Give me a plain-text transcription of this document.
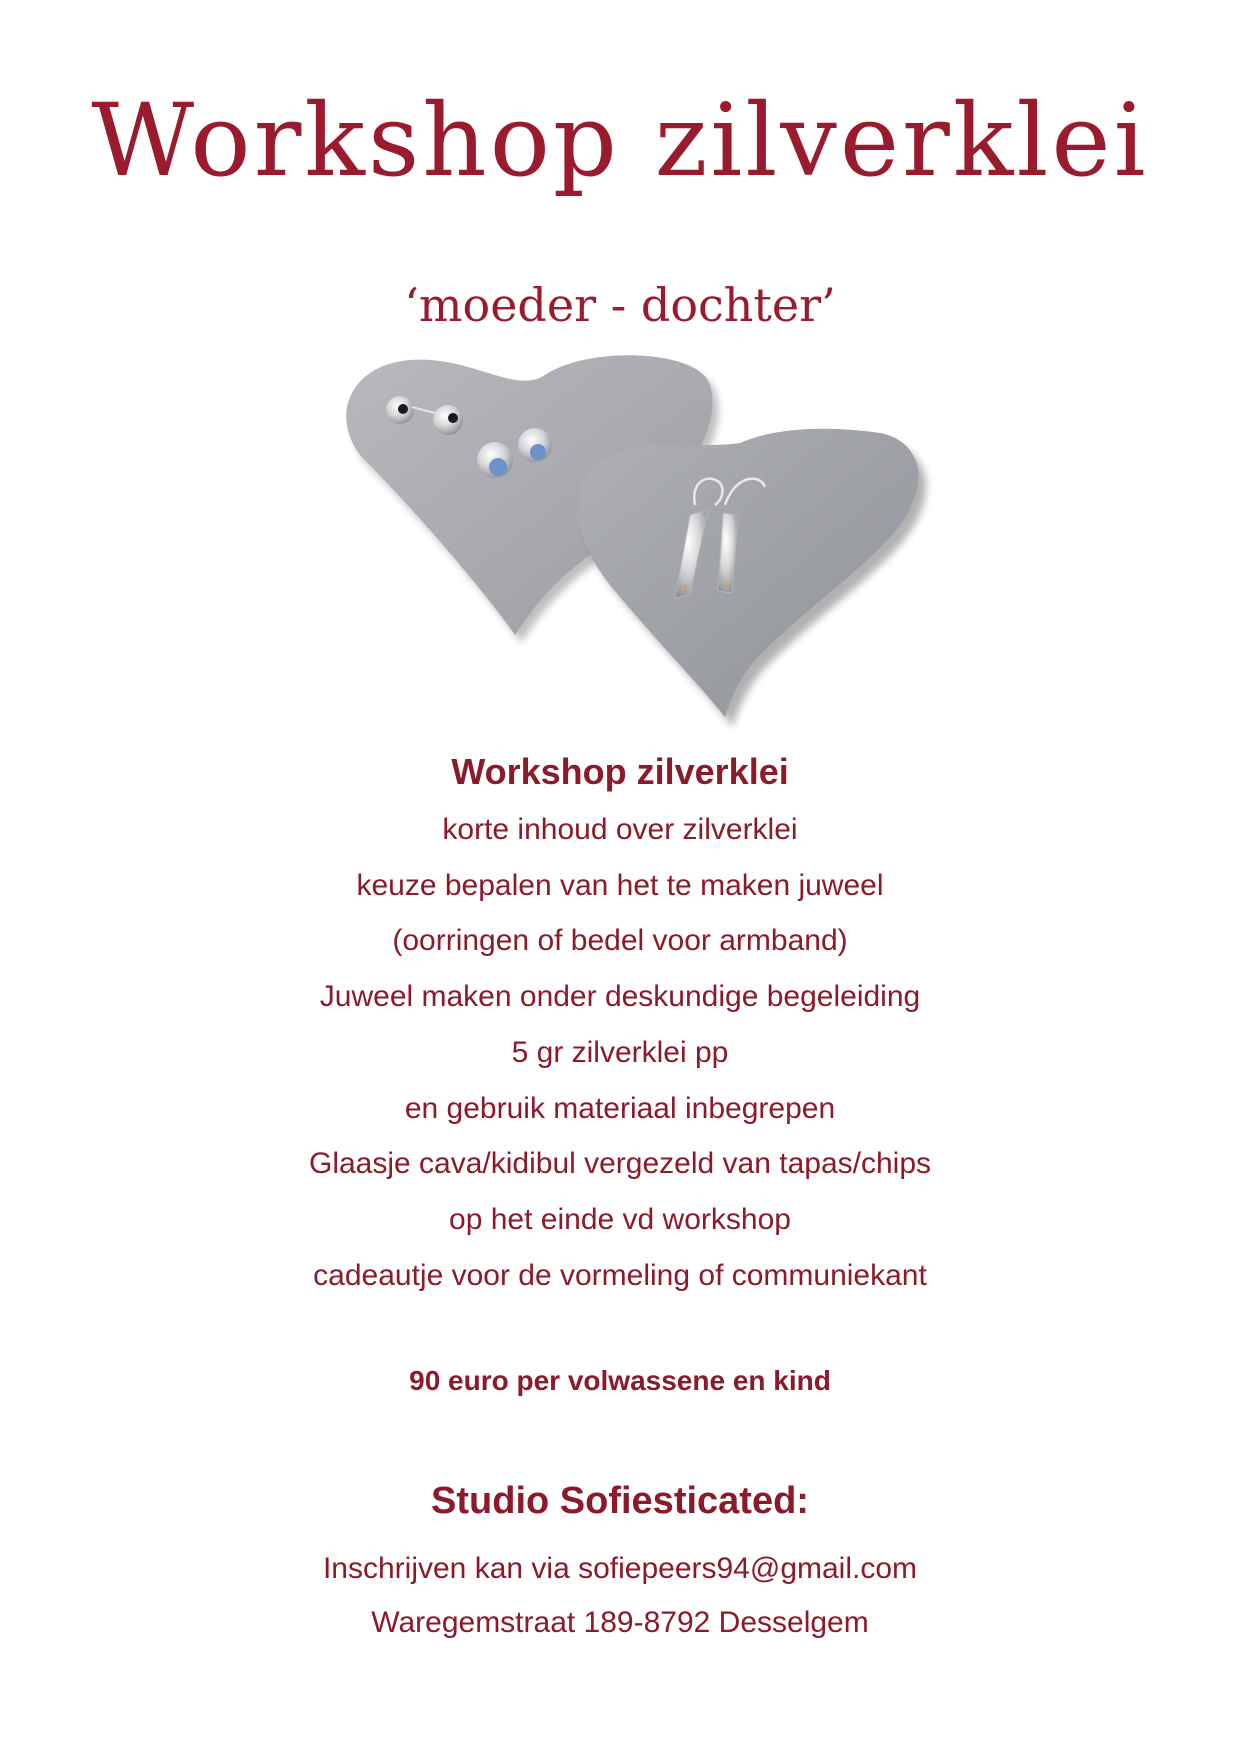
Workshop zilverklei
‘moeder - dochter’
Workshop zilverklei
korte inhoud over zilverklei
keuze bepalen van het te maken juweel
(oorringen of bedel voor armband)
Juweel maken onder deskundige begeleiding
5 gr zilverklei pp
en gebruik materiaal inbegrepen
Glaasje cava/kidibul vergezeld van tapas/chips
op het einde vd workshop
cadeautje voor de vormeling of communiekant
90 euro per volwassene en kind
Studio Sofiesticated:
Inschrijven kan via sofiepeers94@gmail.com
Waregemstraat 189-8792 Desselgem
